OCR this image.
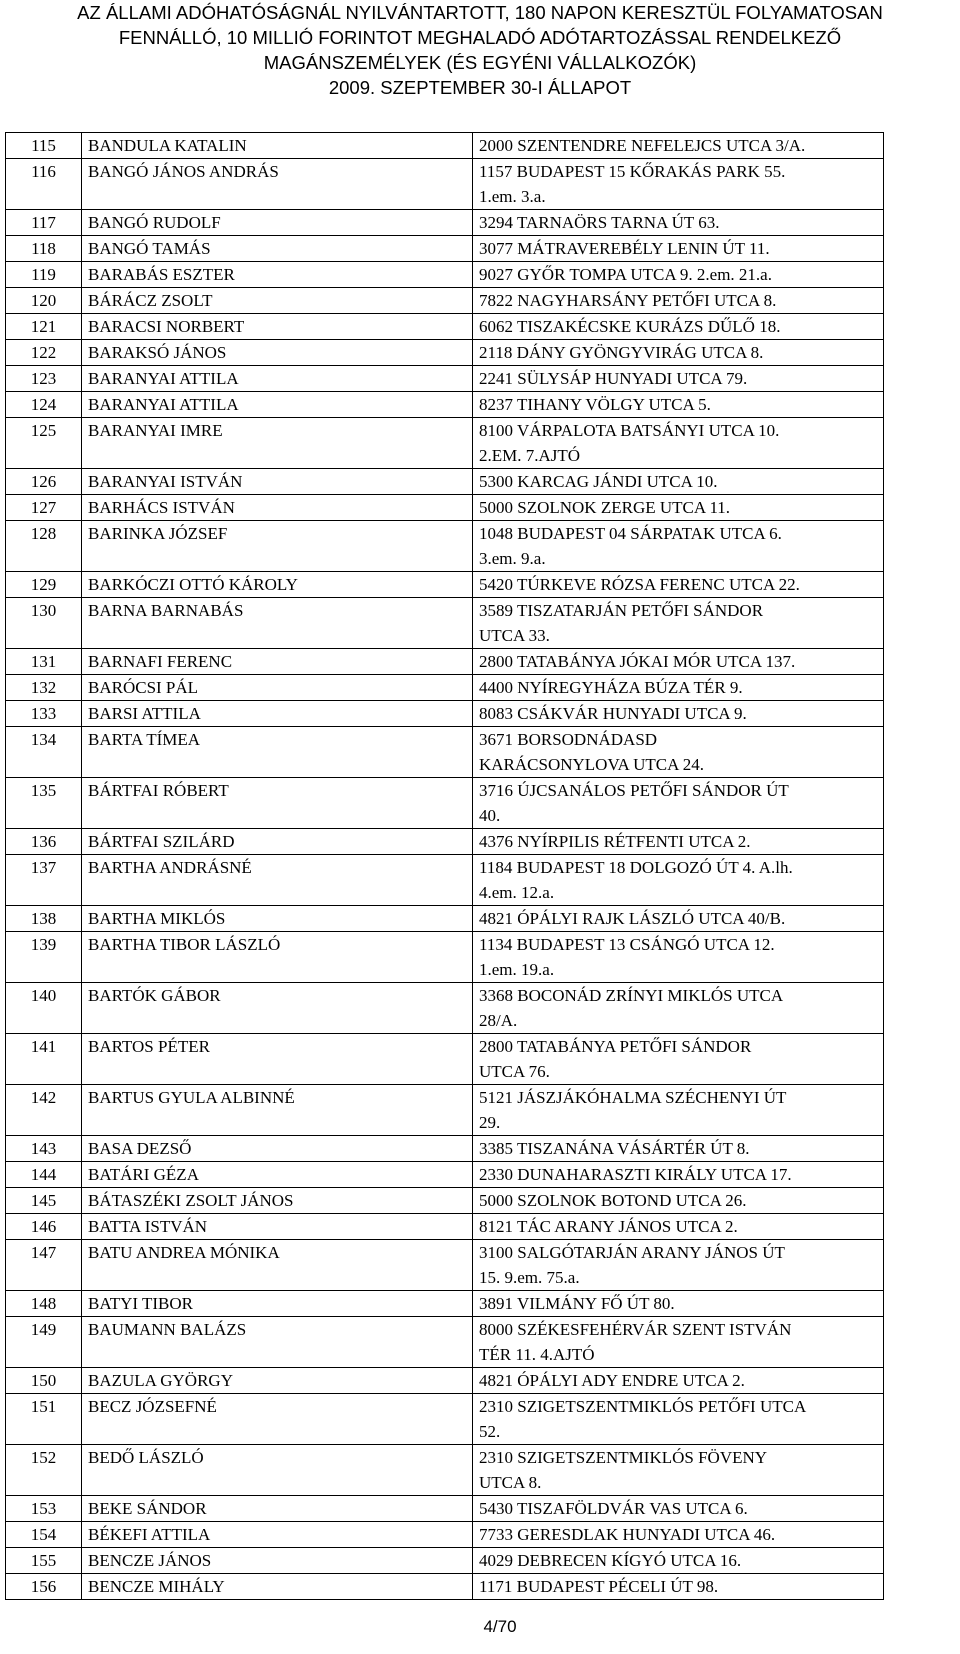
AZ ÁLLAMI ADÓHATÓSÁGNÁL NYILVÁNTARTOTT, 180 NAPON KERESZTÜL FOLYAMATOSAN
FENNÁLLÓ, 10 MILLIÓ FORINTOT MEGHALADÓ ADÓTARTOZÁSSAL RENDELKEZŐ
MAGÁNSZEMÉLYEK (ÉS EGYÉNI VÁLLALKOZÓK)
2009. SZEPTEMBER 30-I ÁLLAPOT
115	BANDULA KATALIN	2000 SZENTENDRE NEFELEJCS UTCA 3/A.

116	BANGÓ JÁNOS ANDRÁS	1157 BUDAPEST 15 KŐRAKÁS PARK 55.
1.em. 3.a.

117	BANGÓ RUDOLF	3294 TARNAÖRS TARNA ÚT 63.

118	BANGÓ TAMÁS	3077 MÁTRAVEREBÉLY LENIN ÚT 11.

119	BARABÁS ESZTER	9027 GYŐR TOMPA UTCA 9. 2.em. 21.a.

120	BÁRÁCZ ZSOLT	7822 NAGYHARSÁNY PETŐFI UTCA 8.

121	BARACSI NORBERT	6062 TISZAKÉCSKE KURÁZS DŰLŐ 18.

122	BARAKSÓ JÁNOS	2118 DÁNY GYÖNGYVIRÁG UTCA 8.

123	BARANYAI ATTILA	2241 SÜLYSÁP HUNYADI UTCA 79.

124	BARANYAI ATTILA	8237 TIHANY VÖLGY UTCA 5.

125	BARANYAI IMRE	8100 VÁRPALOTA BATSÁNYI UTCA 10.
2.EM. 7.AJTÓ

126	BARANYAI ISTVÁN	5300 KARCAG JÁNDI UTCA 10.

127	BARHÁCS ISTVÁN	5000 SZOLNOK ZERGE UTCA 11.

128	BARINKA JÓZSEF	1048 BUDAPEST 04 SÁRPATAK UTCA 6.
3.em. 9.a.

129	BARKÓCZI OTTÓ KÁROLY	5420 TÚRKEVE RÓZSA FERENC UTCA 22.

130	BARNA BARNABÁS	3589 TISZATARJÁN PETŐFI SÁNDOR
UTCA 33.

131	BARNAFI FERENC	2800 TATABÁNYA JÓKAI MÓR UTCA 137.

132	BARÓCSI PÁL	4400 NYÍREGYHÁZA BÚZA TÉR 9.

133	BARSI ATTILA	8083 CSÁKVÁR HUNYADI UTCA 9.

134	BARTA TÍMEA	3671 BORSODNÁDASD
KARÁCSONYLOVA UTCA 24.

135	BÁRTFAI RÓBERT	3716 ÚJCSANÁLOS PETŐFI SÁNDOR ÚT
40.

136	BÁRTFAI SZILÁRD	4376 NYÍRPILIS RÉTFENTI UTCA 2.

137	BARTHA ANDRÁSNÉ	1184 BUDAPEST 18 DOLGOZÓ ÚT 4. A.lh.
4.em. 12.a.

138	BARTHA MIKLÓS	4821 ÓPÁLYI RAJK LÁSZLÓ UTCA 40/B.

139	BARTHA TIBOR LÁSZLÓ	1134 BUDAPEST 13 CSÁNGÓ UTCA 12.
1.em. 19.a.

140	BARTÓK GÁBOR	3368 BOCONÁD ZRÍNYI MIKLÓS UTCA
28/A.

141	BARTOS PÉTER	2800 TATABÁNYA PETŐFI SÁNDOR
UTCA 76.

142	BARTUS GYULA ALBINNÉ	5121 JÁSZJÁKÓHALMA SZÉCHENYI ÚT
29.

143	BASA DEZSŐ	3385 TISZANÁNA VÁSÁRTÉR ÚT 8.

144	BATÁRI GÉZA	2330 DUNAHARASZTI KIRÁLY UTCA 17.

145	BÁTASZÉKI ZSOLT JÁNOS	5000 SZOLNOK BOTOND UTCA 26.

146	BATTA ISTVÁN	8121 TÁC ARANY JÁNOS UTCA 2.

147	BATU ANDREA MÓNIKA	3100 SALGÓTARJÁN ARANY JÁNOS ÚT
15. 9.em. 75.a.

148	BATYI TIBOR	3891 VILMÁNY FŐ ÚT 80.

149	BAUMANN BALÁZS	8000 SZÉKESFEHÉRVÁR SZENT ISTVÁN
TÉR 11. 4.AJTÓ

150	BAZULA GYÖRGY	4821 ÓPÁLYI ADY ENDRE UTCA 2.

151	BECZ JÓZSEFNÉ	2310 SZIGETSZENTMIKLÓS PETŐFI UTCA
52.

152	BEDŐ LÁSZLÓ	2310 SZIGETSZENTMIKLÓS FÖVENY
UTCA 8.

153	BEKE SÁNDOR	5430 TISZAFÖLDVÁR VAS UTCA 6.

154	BÉKEFI ATTILA	7733 GERESDLAK HUNYADI UTCA 46.

155	BENCZE JÁNOS	4029 DEBRECEN KÍGYÓ UTCA 16.

156	BENCZE MIHÁLY	1171 BUDAPEST PÉCELI ÚT 98.
4/70
